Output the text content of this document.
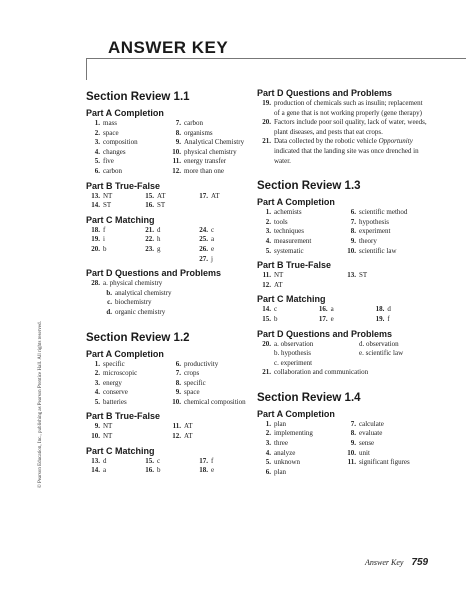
ANSWER KEY
© Pearson Education, Inc., publishing as Pearson Prentice Hall. All rights reserved.
Section Review 1.1
Part A Completion
1. mass	7. carbon
2. space	8. organisms
3. composition	9. Analytical Chemistry
4. changes	10. physical chemistry
5. five	11. energy transfer
6. carbon	12. more than one
Part B True-False
13. NT	15. AT	17. AT
14. ST	16. ST
Part C Matching
18. f	21. d	24. c
19. i	22. h	25. a
20. b	23. g	26. e
27. j
Part D Questions and Problems
28. a. physical chemistry
b. analytical chemistry
c. biochemistry
d. organic chemistry
Section Review 1.2
Part A Completion
1. specific	6. productivity
2. microscopic	7. crops
3. energy	8. specific
4. conserve	9. space
5. batteries	10. chemical composition
Part B True-False
9. NT	11. AT
10. NT	12. AT
Part C Matching
13. d	15. c	17. f
14. a	16. b	18. e
Part D Questions and Problems
19. production of chemicals such as insulin; replacement of a gene that is not working properly (gene therapy)
20. Factors include poor soil quality, lack of water, weeds, plant diseases, and pests that eat crops.
21. Data collected by the robotic vehicle Opportunity indicated that the landing site was once drenched in water.
Section Review 1.3
Part A Completion
1. achemists	6. scientific method
2. tools	7. hypothesis
3. techniques	8. experiment
4. measurement	9. theory
5. systematic	10. scientific law
Part B True-False
11. NT	13. ST
12. AT
Part C Matching
14. c	16. a	18. d
15. b	17. e	19. f
Part D Questions and Problems
20. a. observation	d. observation
b. hypothesis	e. scientific law
c. experiment
21. collaboration and communication
Section Review 1.4
Part A Completion
1. plan	7. calculate
2. implementing	8. evaluate
3. three	9. sense
4. analyze	10. unit
5. unknown	11. significant figures
6. plan
Answer Key 759
